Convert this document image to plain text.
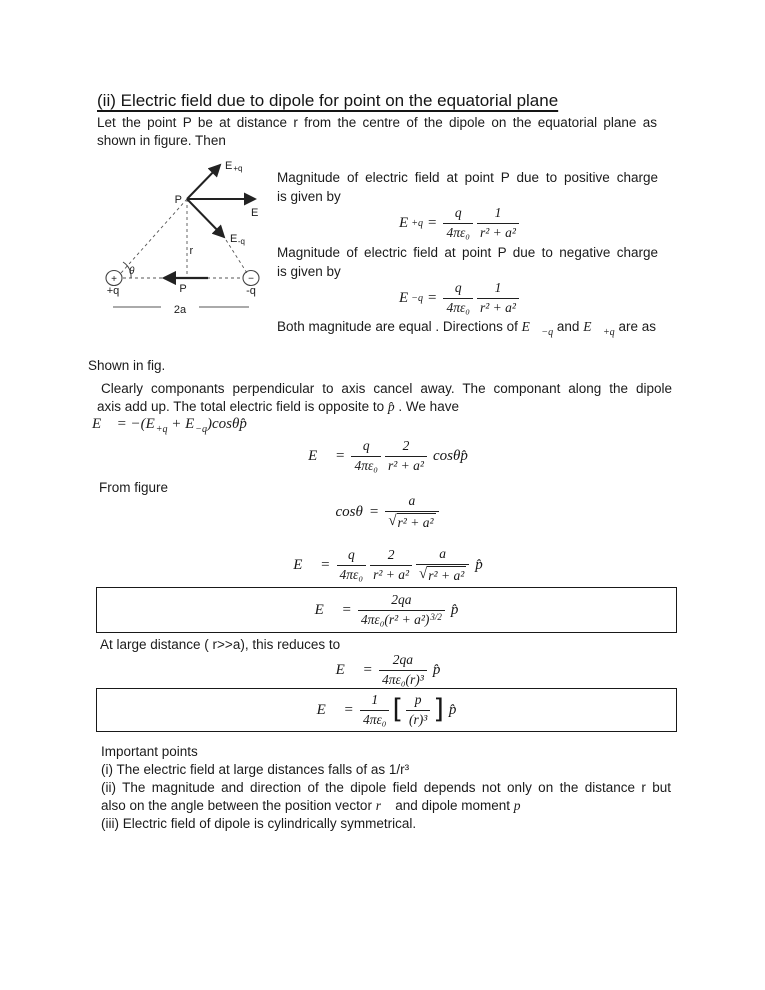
(ii) Electric field due to dipole for point on the equatorial plane
Let the point P be at distance r from the centre of the dipole on the equatorial plane as
shown in figure. Then
+	−
P
E+q
E
E-q
r
θ
+q	-q
P
2a
Magnitude of electric field at point P due to positive charge
is given by
$E +q = \frac{q}{\text{4πε₀}} \frac{1}{\text{r² + a²}}$
Magnitude of electric field at point P due to negative charge
is given by
$E -q = \frac{q}{\text{4πε₀}} \frac{1}{\text{r² + a²}}$
Both magnitude are equal . Directions of $E⃗_{-q}$ and $E⃗_{+q}$ are as
Shown in fig.
Clearly componants perpendicular to axis cancel away. The componant along the dipole
axis add up. The total electric field is opposite to p̂ . We have
E⃗ = $-(E_{+q}$ + $E_{-q})\cos\theta p̂$
E⃗ = $\frac{q}{\text{4πε₀}} \frac{2}{\text{r² + a²}}$ cosθp̂
From figure
$\cos\theta = \frac{a}{\text{√ r² + a²}}$
E⃗ = $\frac{q}{\text{4πε₀}} \frac{2}{\text{r² + a²}} \frac{a}{\text{√ r² + a²}}$ p̂
E⃗ = $\frac{2qa}{\text{4πε₀(r² + a²) 3/2}}$ p̂
At large distance ( r>>a), this reduces to
E⃗ = $\frac{2qa}{\text{4πε₀(r)³}}$ p̂
E⃗ = $\frac{1}{\text{4πε₀}}$ [ $\frac{p}{\text{(r)³}}$ ] p̂
Important points
(i) The electric field at large distances falls of as 1/r³
(ii) The magnitude and direction of the dipole field depends not only on the distance r but
also on the angle between the position vector r⃗ and dipole moment p⃗
(iii) Electric field of dipole is cylindrically symmetrical.
